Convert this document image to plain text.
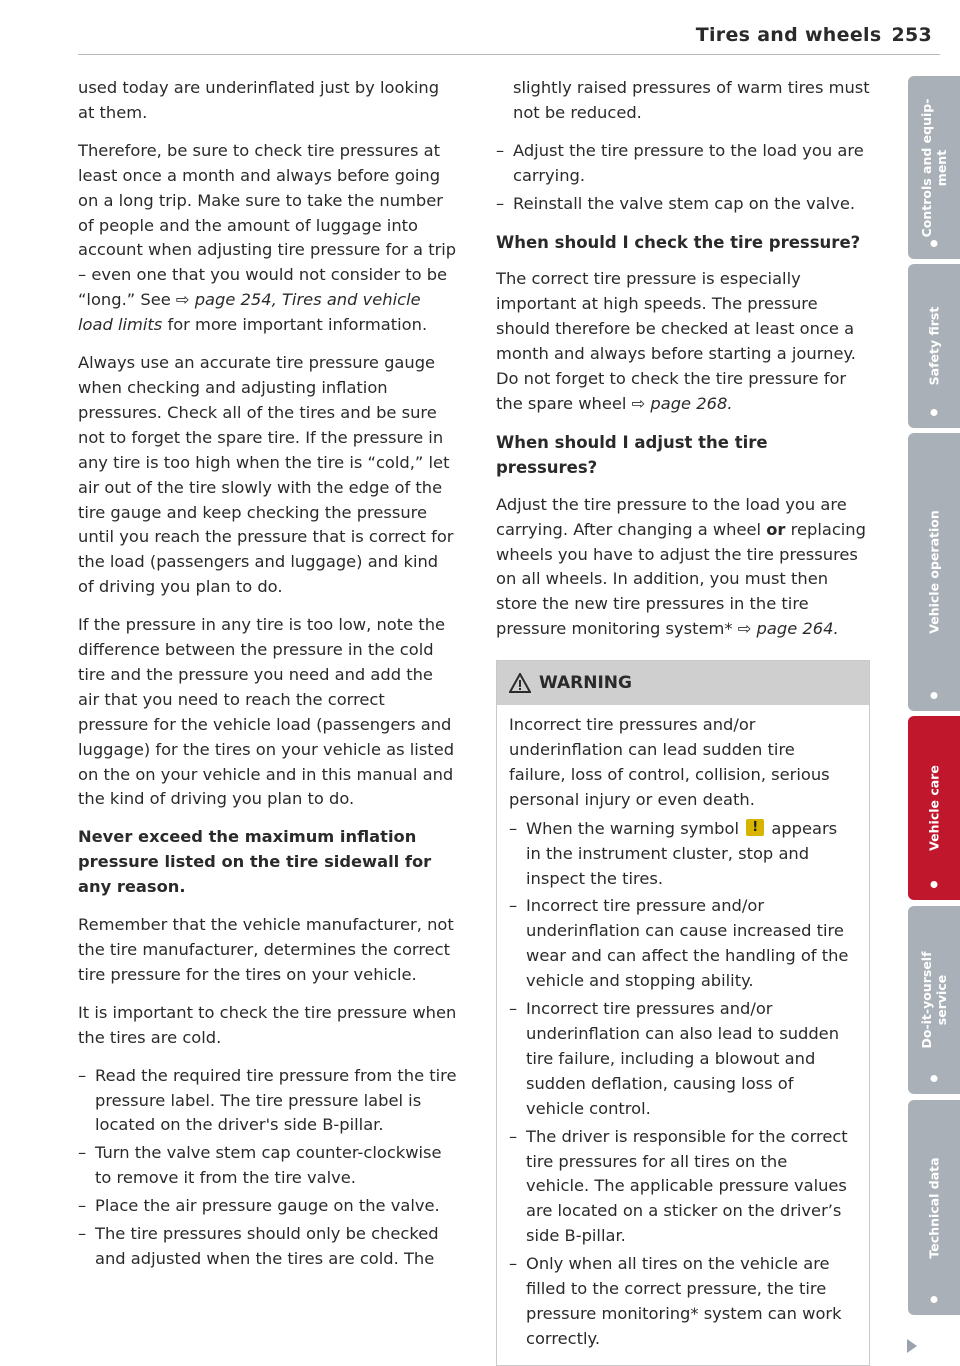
Tires and wheels 253

used today are underinflated just by looking at them.

Therefore, be sure to check tire pressures at least once a month and always before going on a long trip. Make sure to take the number of people and the amount of luggage into account when adjusting tire pressure for a trip – even one that you would not consider to be “long.” See ⇨ page 254, Tires and vehicle load limits for more important information.

Always use an accurate tire pressure gauge when checking and adjusting inflation pressures. Check all of the tires and be sure not to forget the spare tire. If the pressure in any tire is too high when the tire is “cold,” let air out of the tire slowly with the edge of the tire gauge and keep checking the pressure until you reach the pressure that is correct for the load (passengers and luggage) and kind of driving you plan to do.

If the pressure in any tire is too low, note the difference between the pressure in the cold tire and the pressure you need and add the air that you need to reach the correct pressure for the vehicle load (passengers and luggage) for the tires on your vehicle as listed on the on your vehicle and in this manual and the kind of driving you plan to do.

Never exceed the maximum inflation pressure listed on the tire sidewall for any reason.

Remember that the vehicle manufacturer, not the tire manufacturer, determines the correct tire pressure for the tires on your vehicle.

It is important to check the tire pressure when the tires are cold.

– Read the required tire pressure from the tire pressure label. The tire pressure label is located on the driver's side B-pillar.
– Turn the valve stem cap counter-clockwise to remove it from the tire valve.
– Place the air pressure gauge on the valve.
– The tire pressures should only be checked and adjusted when the tires are cold. The

slightly raised pressures of warm tires must not be reduced.

– Adjust the tire pressure to the load you are carrying.
– Reinstall the valve stem cap on the valve.
When should I check the tire pressure?

The correct tire pressure is especially important at high speeds. The pressure should therefore be checked at least once a month and always before starting a journey. Do not forget to check the tire pressure for the spare wheel ⇨ page 268.

When should I adjust the tire pressures?

Adjust the tire pressure to the load you are carrying. After changing a wheel or replacing wheels you have to adjust the tire pressures on all wheels. In addition, you must then store the new tire pressures in the tire pressure monitoring system* ⇨ page 264.

WARNING

Incorrect tire pressures and/or underinflation can lead sudden tire failure, loss of control, collision, serious personal injury or even death.

– When the warning symbol ! appears in the instrument cluster, stop and inspect the tires.
– Incorrect tire pressure and/or underinflation can cause increased tire wear and can affect the handling of the vehicle and stopping ability.
– Incorrect tire pressures and/or underinflation can also lead to sudden tire failure, including a blowout and sudden deflation, causing loss of vehicle control.
– The driver is responsible for the correct tire pressures for all tires on the vehicle. The applicable pressure values are located on a sticker on the driver’s side B-pillar.
– Only when all tires on the vehicle are filled to the correct pressure, the tire pressure monitoring* system can work correctly.
Controls and equip-
ment
Safety first
Vehicle operation
Vehicle care
Do-it-yourself
service
Technical data
